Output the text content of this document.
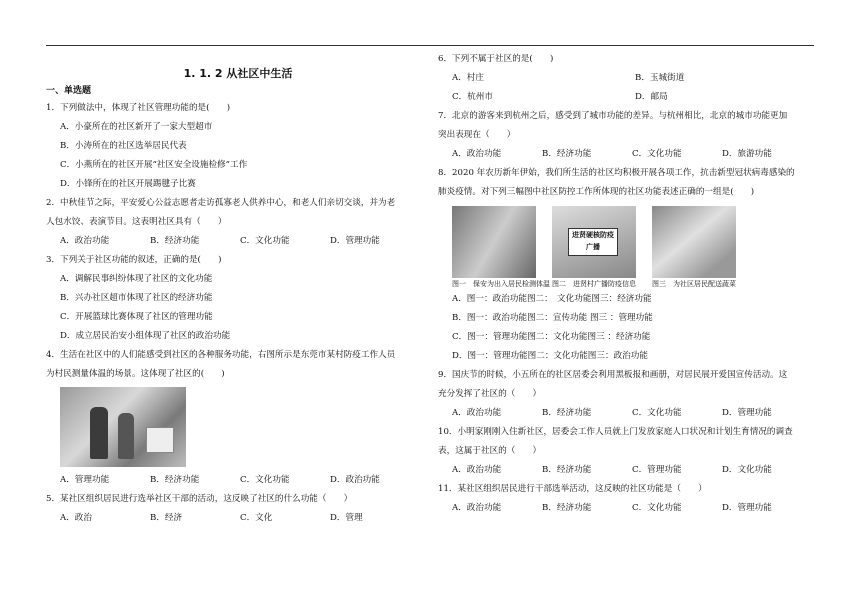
1. 1. 2 从社区中生活
一、单选题

1．下列做法中，体现了社区管理功能的是(　　)

A．小豪所在的社区新开了一家大型超市

B．小涛所在的社区选举居民代表

C．小燕所在的社区开展“社区安全设施检修”工作

D．小锋所在的社区开展踢毽子比赛

2．中秋佳节之际，平安爱心公益志愿者走访孤寡老人供养中心，和老人们亲切交谈，并为老

人包水饺、表演节目。这表明社区具有（　　）

A．政治功能	B．经济功能	C．文化功能	D．管理功能

3．下列关于社区功能的叙述，正确的是(　　)

A．调解民事纠纷体现了社区的文化功能

B．兴办社区超市体现了社区的经济功能

C．开展篮球比赛体现了社区的管理功能

D．成立居民治安小组体现了社区的政治功能

4．生活在社区中的人们能感受到社区的各种服务功能，右图所示是东莞市某村防疫工作人员

为村民测量体温的场景。这体现了社区的(　　)

A．管理功能	B．经济功能	C．文化功能	D．政治功能

5．某社区组织居民进行选举社区干部的活动，这反映了社区的什么功能（　　）

A．政治	B．经济	C．文化	D．管理

6．下列不属于社区的是(　　)

A．村庄	B．玉城街道
C．杭州市	D．邮局

7．北京的游客来到杭州之后，感受到了城市功能的差异。与杭州相比，北京的城市功能更加

突出表现在（　　）

A．政治功能	B．经济功能	C．文化功能	D．旅游功能

8．2020 年农历新年伊始，我们所生活的社区均积极开展各项工作，抗击新型冠状病毒感染的

肺炎疫情。对下列三幅图中社区防控工作所体现的社区功能表述正确的一组是(　　)

进贤硬核防疫广播
图一　保安为出入居民检测体温 图二　进贤村广播防疫信息 图三　为社区居民配送蔬菜

A．图一：政治功能图二：　文化功能图三：经济功能

B．图一：政治功能图二：宣传功能 图三 ：管理功能

C．图一：管理功能图二：文化功能图三 ：经济功能

D．图一：管理功能图二：文化功能图三：政治功能

9．国庆节的时候，小五所在的社区居委会利用黑板报和画册，对居民展开爱国宣传活动。这

充分发挥了社区的（　　）

A．政治功能	B．经济功能	C．文化功能	D．管理功能

10．小明家刚刚入住新社区，居委会工作人员就上门发放家庭人口状况和计划生育情况的调查

表，这属于社区的（　　）

A．政治功能	B．经济功能	C．管理功能	D．文化功能

11．某社区组织居民进行干部选举活动，这反映的社区功能是（　　）

A．政治功能	B．经济功能	C．文化功能	D．管理功能
